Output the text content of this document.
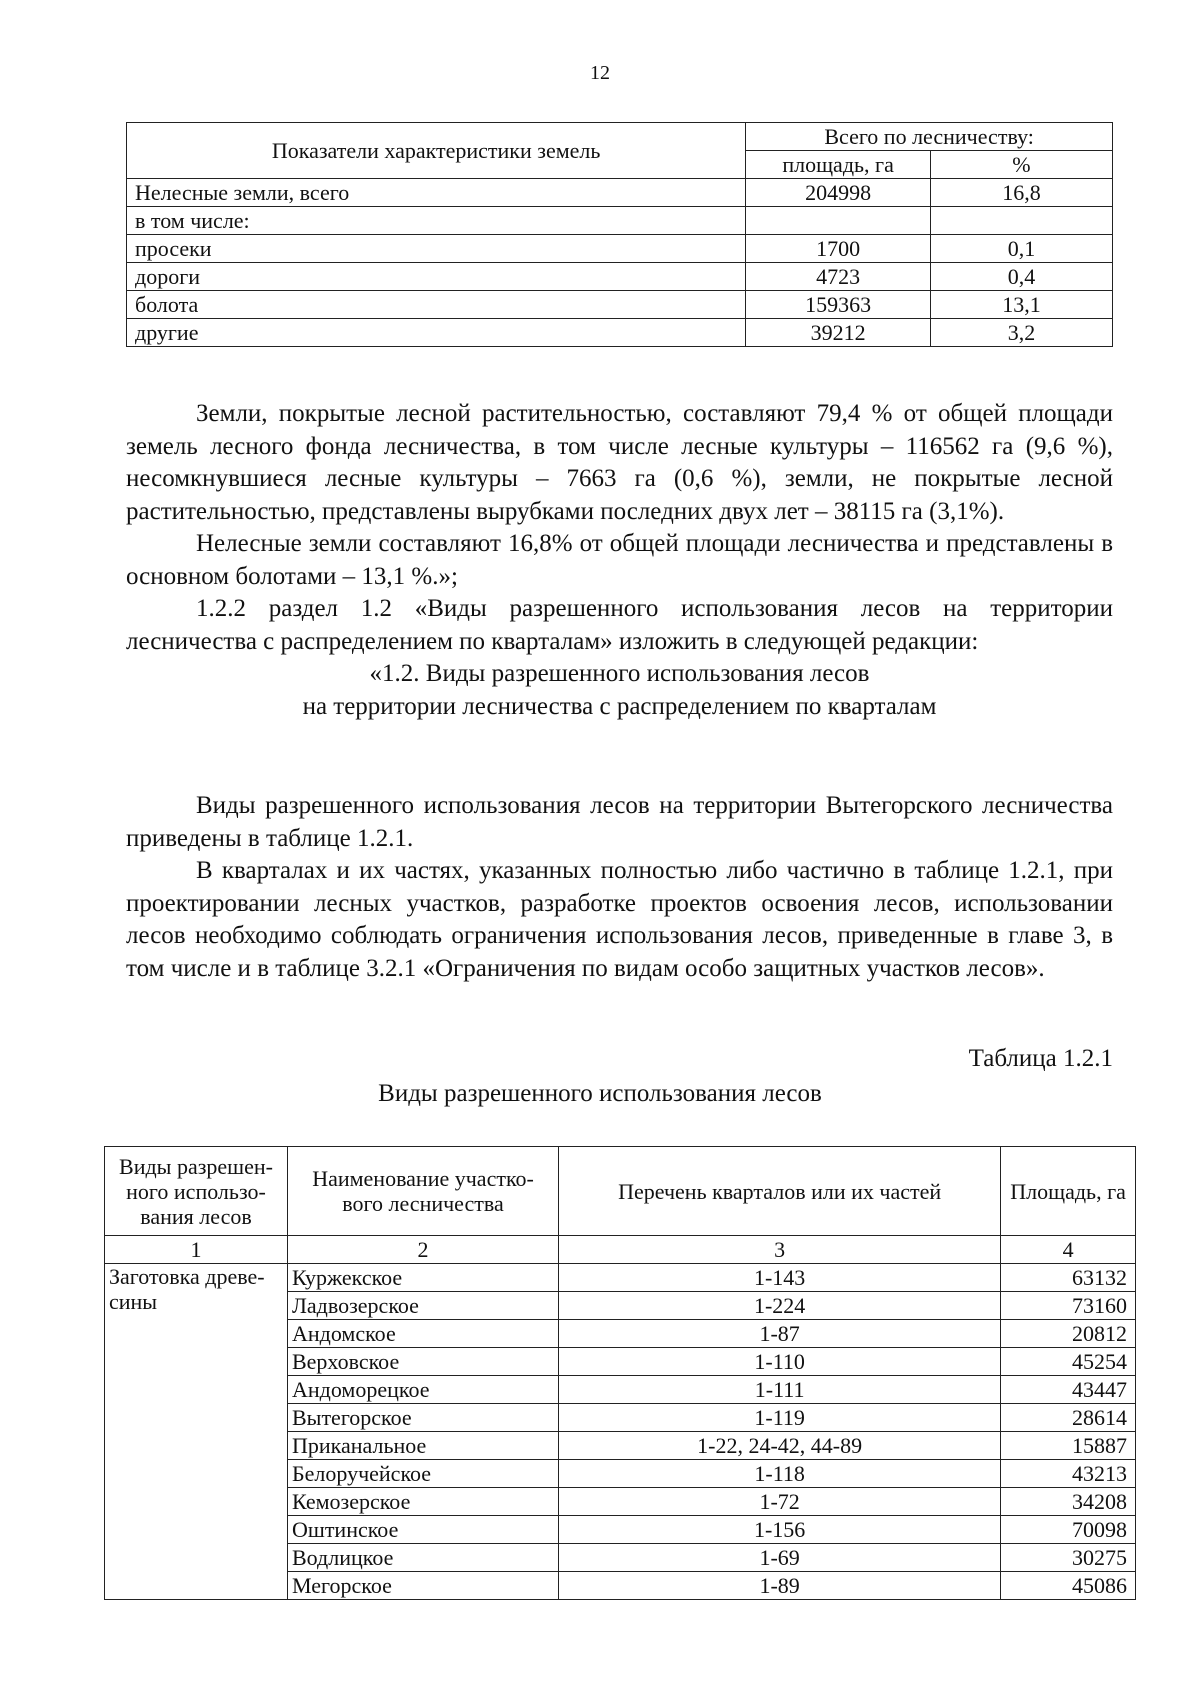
12
Показатели характеристики земель	Всего по лесничеству:	
	площадь, га	%
Нелесные земли, всего	204998	16,8
в том числе:		
просеки	1700	0,1
дороги	4723	0,4
болота	159363	13,1
другие	39212	3,2

Земли, покрытые лесной растительностью, составляют 79,4 % от общей площади земель лесного фонда лесничества, в том числе лесные культуры – 116562 га (9,6 %), несомкнувшиеся лесные культуры – 7663 га (0,6 %), земли, не покрытые лесной растительностью, представлены вырубками последних двух лет – 38115 га (3,1%).

Нелесные земли составляют 16,8% от общей площади лесничества и представлены в основном болотами – 13,1 %.»;

1.2.2 раздел 1.2 «Виды разрешенного использования лесов на территории лесничества с распределением по кварталам» изложить в следующей редакции:

«1.2. Виды разрешенного использования лесов

на территории лесничества с распределением по кварталам

Виды разрешенного использования лесов на территории Вытегорского лесничества приведены в таблице 1.2.1.

В кварталах и их частях, указанных полностью либо частично в таблице 1.2.1, при проектировании лесных участков, разработке проектов освоения лесов, использовании лесов необходимо соблюдать ограничения использования лесов, приведенные в главе 3, в том числе и в таблице 3.2.1 «Ограничения по видам особо защитных участков лесов».

Таблица 1.2.1
Виды разрешенного использования лесов
Виды разрешен-ного использо-вания лесов	Наименование участко-вого лесничества	Перечень кварталов или их частей	Площадь, га
1	2	3	4
Заготовка древе-сины	Куржекское	1-143	63132
	Ладвозерское	1-224	73160
	Андомское	1-87	20812
	Верховское	1-110	45254
	Андоморецкое	1-111	43447
	Вытегорское	1-119	28614
	Приканальное	1-22, 24-42, 44-89	15887
	Белоручейское	1-118	43213
	Кемозерское	1-72	34208
	Оштинское	1-156	70098
	Водлицкое	1-69	30275
	Мегорское	1-89	45086
